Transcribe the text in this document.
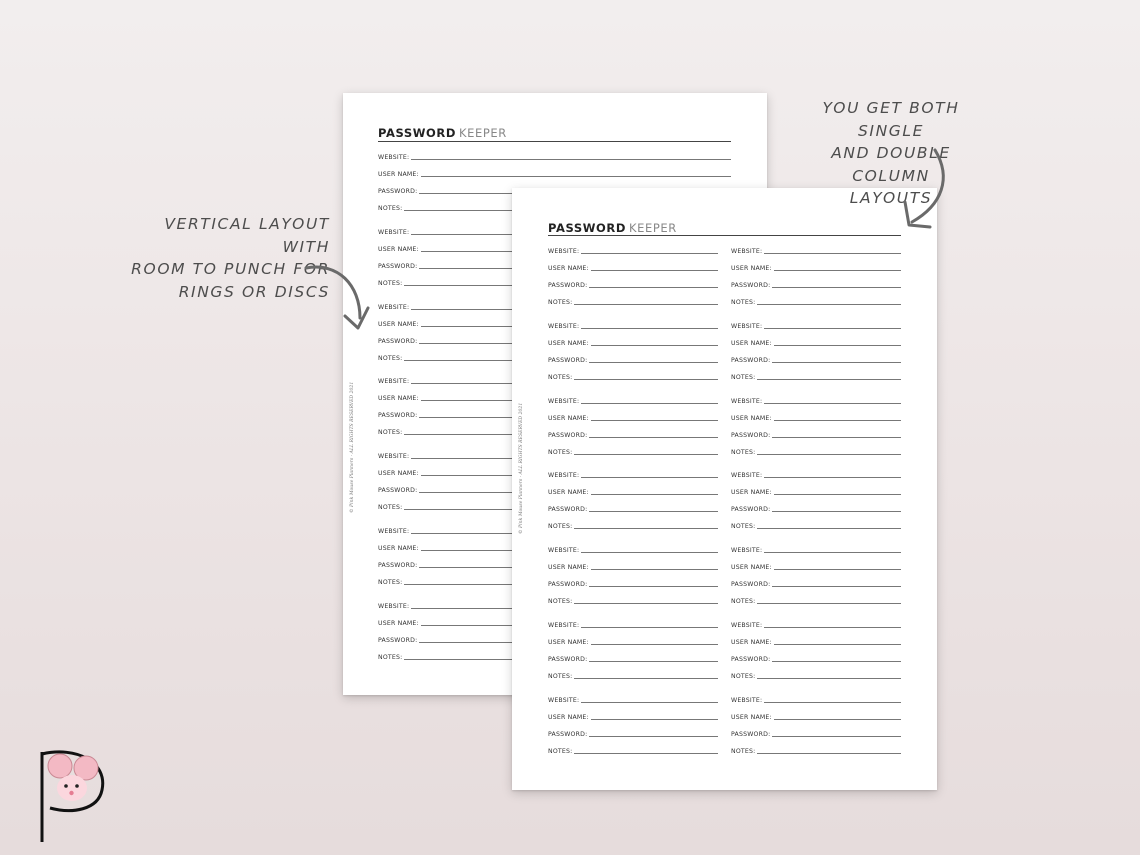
PASSWORD KEEPER
WEBSITE:
USER NAME:
PASSWORD:
NOTES:
WEBSITE:
USER NAME:
PASSWORD:
NOTES:
WEBSITE:
USER NAME:
PASSWORD:
NOTES:
WEBSITE:
USER NAME:
PASSWORD:
NOTES:
WEBSITE:
USER NAME:
PASSWORD:
NOTES:
WEBSITE:
USER NAME:
PASSWORD:
NOTES:
WEBSITE:
USER NAME:
PASSWORD:
NOTES:
© Pink Mouse Planners · ALL RIGHTS RESERVED 2021
PASSWORD KEEPER
WEBSITE:
USER NAME:
PASSWORD:
NOTES:
WEBSITE:
USER NAME:
PASSWORD:
NOTES:
WEBSITE:
USER NAME:
PASSWORD:
NOTES:
WEBSITE:
USER NAME:
PASSWORD:
NOTES:
WEBSITE:
USER NAME:
PASSWORD:
NOTES:
WEBSITE:
USER NAME:
PASSWORD:
NOTES:
WEBSITE:
USER NAME:
PASSWORD:
NOTES:
WEBSITE:
USER NAME:
PASSWORD:
NOTES:
WEBSITE:
USER NAME:
PASSWORD:
NOTES:
WEBSITE:
USER NAME:
PASSWORD:
NOTES:
WEBSITE:
USER NAME:
PASSWORD:
NOTES:
WEBSITE:
USER NAME:
PASSWORD:
NOTES:
WEBSITE:
USER NAME:
PASSWORD:
NOTES:
WEBSITE:
USER NAME:
PASSWORD:
NOTES:
© Pink Mouse Planners · ALL RIGHTS RESERVED 2021
VERTICAL LAYOUT WITH
ROOM TO PUNCH FOR
RINGS OR DISCS
YOU GET BOTH SINGLE
AND DOUBLE COLUMN
LAYOUTS
